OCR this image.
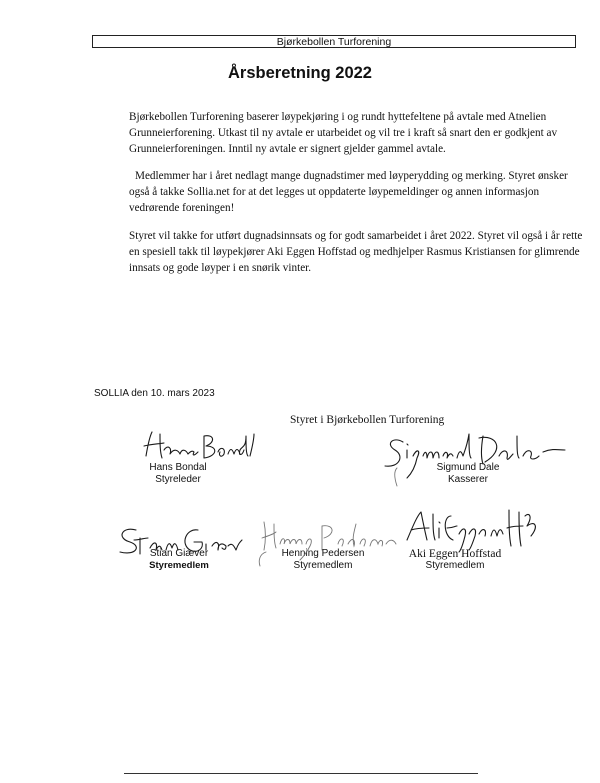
Bjørkebollen Turforening
Årsberetning 2022

Bjørkebollen Turforening baserer løypekjøring i og rundt hyttefeltene på avtale med Atnelien Grunneierforening. Utkast til ny avtale er utarbeidet og vil tre i kraft så snart den er godkjent av Grunneierforeningen. Inntil ny avtale er signert gjelder gammel avtale.

Medlemmer har i året nedlagt mange dugnadstimer med løyperydding og merking. Styret ønsker også å takke Sollia.net for at det legges ut oppdaterte løypemeldinger og annen informasjon vedrørende foreningen!

Styret vil takke for utført dugnadsinnsats og for godt samarbeidet i året 2022. Styret vil også i år rette en spesiell takk til løypekjører Aki Eggen Hoffstad og medhjelper Rasmus Kristiansen for glimrende innsats og gode løyper i en snørik vinter.

SOLLIA den 10. mars 2023
Styret i Bjørkebollen Turforening
Hans Bondal
Styreleder
Sigmund Dale
Kasserer
Stian Giæver
Styremedlem
Henning Pedersen
Styremedlem
Aki Eggen Hoffstad
Styremedlem
